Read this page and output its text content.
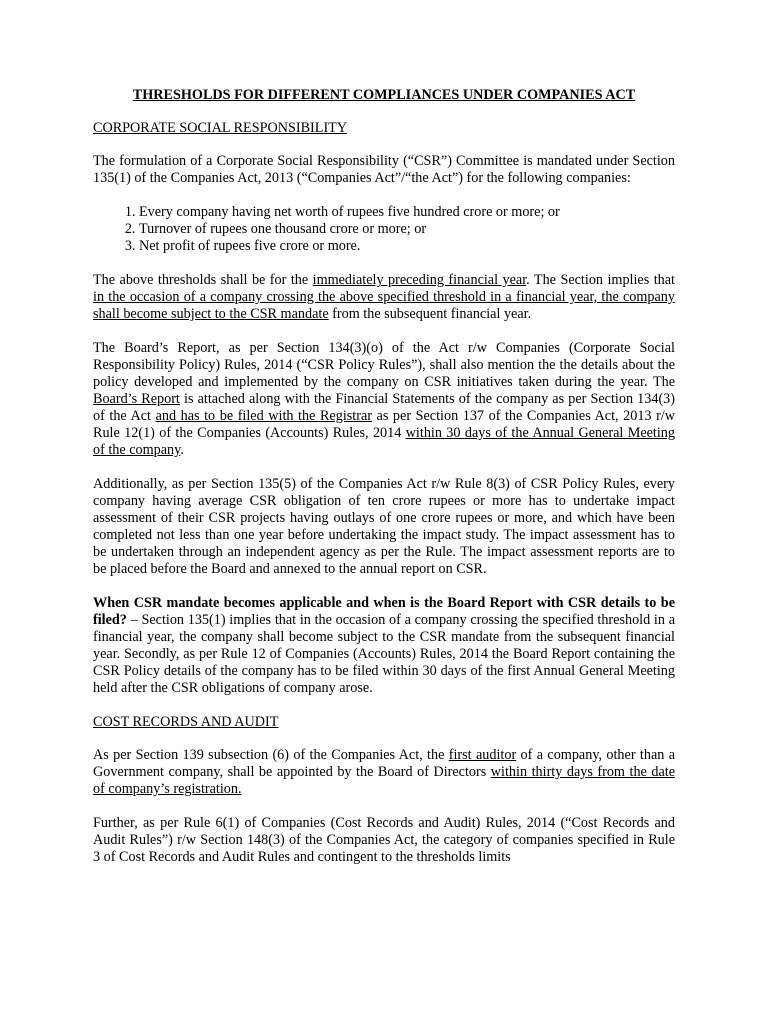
THRESHOLDS FOR DIFFERENT COMPLIANCES UNDER COMPANIES ACT
CORPORATE SOCIAL RESPONSIBILITY

The formulation of a Corporate Social Responsibility (“CSR”) Committee is mandated under Section 135(1) of the Companies Act, 2013 (“Companies Act”/“the Act”) for the following companies:

1. Every company having net worth of rupees five hundred crore or more; or
2. Turnover of rupees one thousand crore or more; or
3. Net profit of rupees five crore or more.

The above thresholds shall be for the immediately preceding financial year. The Section implies that in the occasion of a company crossing the above specified threshold in a financial year, the company shall become subject to the CSR mandate from the subsequent financial year.

The Board’s Report, as per Section 134(3)(o) of the Act r/w Companies (Corporate Social Responsibility Policy) Rules, 2014 (“CSR Policy Rules”), shall also mention the the details about the policy developed and implemented by the company on CSR initiatives taken during the year. The Board’s Report is attached along with the Financial Statements of the company as per Section 134(3) of the Act and has to be filed with the Registrar as per Section 137 of the Companies Act, 2013 r/w Rule 12(1) of the Companies (Accounts) Rules, 2014 within 30 days of the Annual General Meeting of the company.

Additionally, as per Section 135(5) of the Companies Act r/w Rule 8(3) of CSR Policy Rules, every company having average CSR obligation of ten crore rupees or more has to undertake impact assessment of their CSR projects having outlays of one crore rupees or more, and which have been completed not less than one year before undertaking the impact study. The impact assessment has to be undertaken through an independent agency as per the Rule. The impact assessment reports are to be placed before the Board and annexed to the annual report on CSR.

When CSR mandate becomes applicable and when is the Board Report with CSR details to be filed? – Section 135(1) implies that in the occasion of a company crossing the specified threshold in a financial year, the company shall become subject to the CSR mandate from the subsequent financial year. Secondly, as per Rule 12 of Companies (Accounts) Rules, 2014 the Board Report containing the CSR Policy details of the company has to be filed within 30 days of the first Annual General Meeting held after the CSR obligations of company arose.

COST RECORDS AND AUDIT

As per Section 139 subsection (6) of the Companies Act, the first auditor of a company, other than a Government company, shall be appointed by the Board of Directors within thirty days from the date of company’s registration.

Further, as per Rule 6(1) of Companies (Cost Records and Audit) Rules, 2014 (“Cost Records and Audit Rules”) r/w Section 148(3) of the Companies Act, the category of companies specified in Rule 3 of Cost Records and Audit Rules and contingent to the thresholds limits
